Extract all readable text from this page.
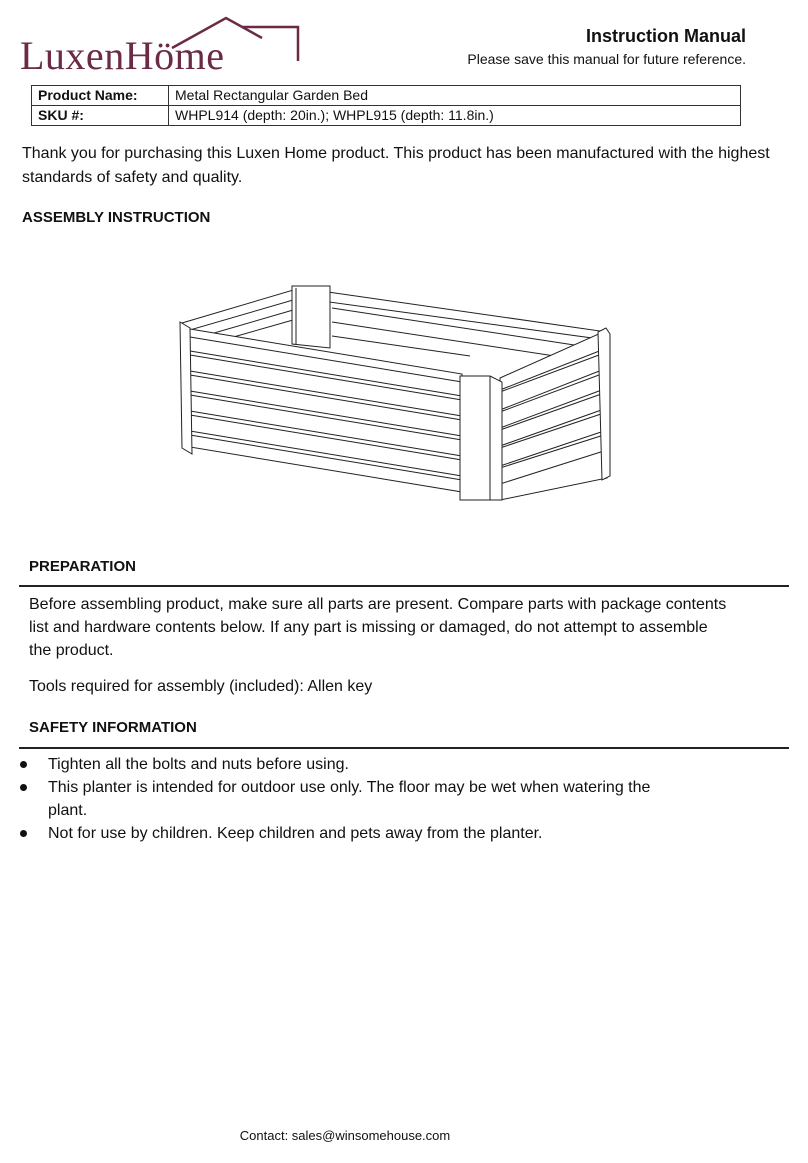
LuxenHöme	Instruction Manual
Please save this manual for future reference.
Product Name:	Metal Rectangular Garden Bed
SKU #:	WHPL914 (depth: 20in.); WHPL915 (depth: 11.8in.)
Thank you for purchasing this Luxen Home product. This product has been manufactured with the highest standards of safety and quality.
ASSEMBLY INSTRUCTION
PREPARATION
Before assembling product, make sure all parts are present. Compare parts with package contents
list and hardware contents below. If any part is missing or damaged, do not attempt to assemble
the product.
Tools required for assembly (included): Allen key
SAFETY INFORMATION
Tighten all the bolts and nuts before using.
This planter is intended for outdoor use only. The floor may be wet when watering the plant.
Not for use by children. Keep children and pets away from the planter.
Contact: sales@winsomehouse.com
